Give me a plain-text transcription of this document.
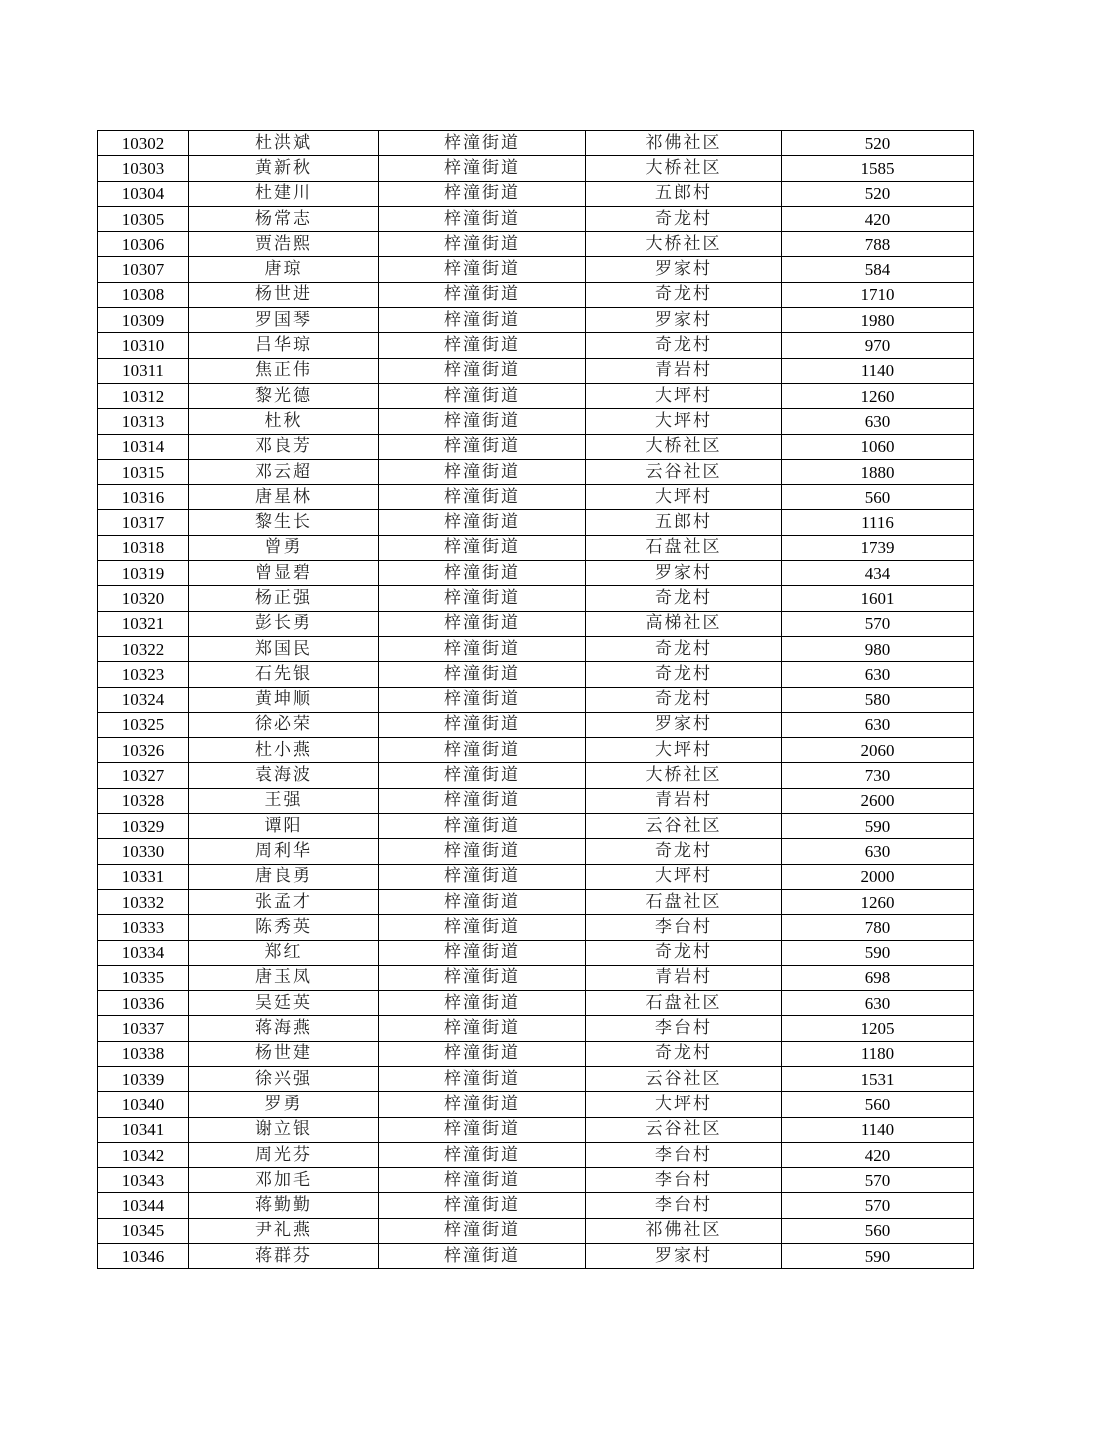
10302	杜洪斌	梓潼街道	祁佛社区	520
10303	黄新秋	梓潼街道	大桥社区	1585
10304	杜建川	梓潼街道	五郎村	520
10305	杨常志	梓潼街道	奇龙村	420
10306	贾浩熙	梓潼街道	大桥社区	788
10307	唐琼	梓潼街道	罗家村	584
10308	杨世进	梓潼街道	奇龙村	1710
10309	罗国琴	梓潼街道	罗家村	1980
10310	吕华琼	梓潼街道	奇龙村	970
10311	焦正伟	梓潼街道	青岩村	1140
10312	黎光德	梓潼街道	大坪村	1260
10313	杜秋	梓潼街道	大坪村	630
10314	邓良芳	梓潼街道	大桥社区	1060
10315	邓云超	梓潼街道	云谷社区	1880
10316	唐星林	梓潼街道	大坪村	560
10317	黎生长	梓潼街道	五郎村	1116
10318	曾勇	梓潼街道	石盘社区	1739
10319	曾显碧	梓潼街道	罗家村	434
10320	杨正强	梓潼街道	奇龙村	1601
10321	彭长勇	梓潼街道	高梯社区	570
10322	郑国民	梓潼街道	奇龙村	980
10323	石先银	梓潼街道	奇龙村	630
10324	黄坤顺	梓潼街道	奇龙村	580
10325	徐必荣	梓潼街道	罗家村	630
10326	杜小燕	梓潼街道	大坪村	2060
10327	袁海波	梓潼街道	大桥社区	730
10328	王强	梓潼街道	青岩村	2600
10329	谭阳	梓潼街道	云谷社区	590
10330	周利华	梓潼街道	奇龙村	630
10331	唐良勇	梓潼街道	大坪村	2000
10332	张孟才	梓潼街道	石盘社区	1260
10333	陈秀英	梓潼街道	李台村	780
10334	郑红	梓潼街道	奇龙村	590
10335	唐玉凤	梓潼街道	青岩村	698
10336	吴廷英	梓潼街道	石盘社区	630
10337	蒋海燕	梓潼街道	李台村	1205
10338	杨世建	梓潼街道	奇龙村	1180
10339	徐兴强	梓潼街道	云谷社区	1531
10340	罗勇	梓潼街道	大坪村	560
10341	谢立银	梓潼街道	云谷社区	1140
10342	周光芬	梓潼街道	李台村	420
10343	邓加毛	梓潼街道	李台村	570
10344	蒋勤勤	梓潼街道	李台村	570
10345	尹礼燕	梓潼街道	祁佛社区	560
10346	蒋群芬	梓潼街道	罗家村	590
